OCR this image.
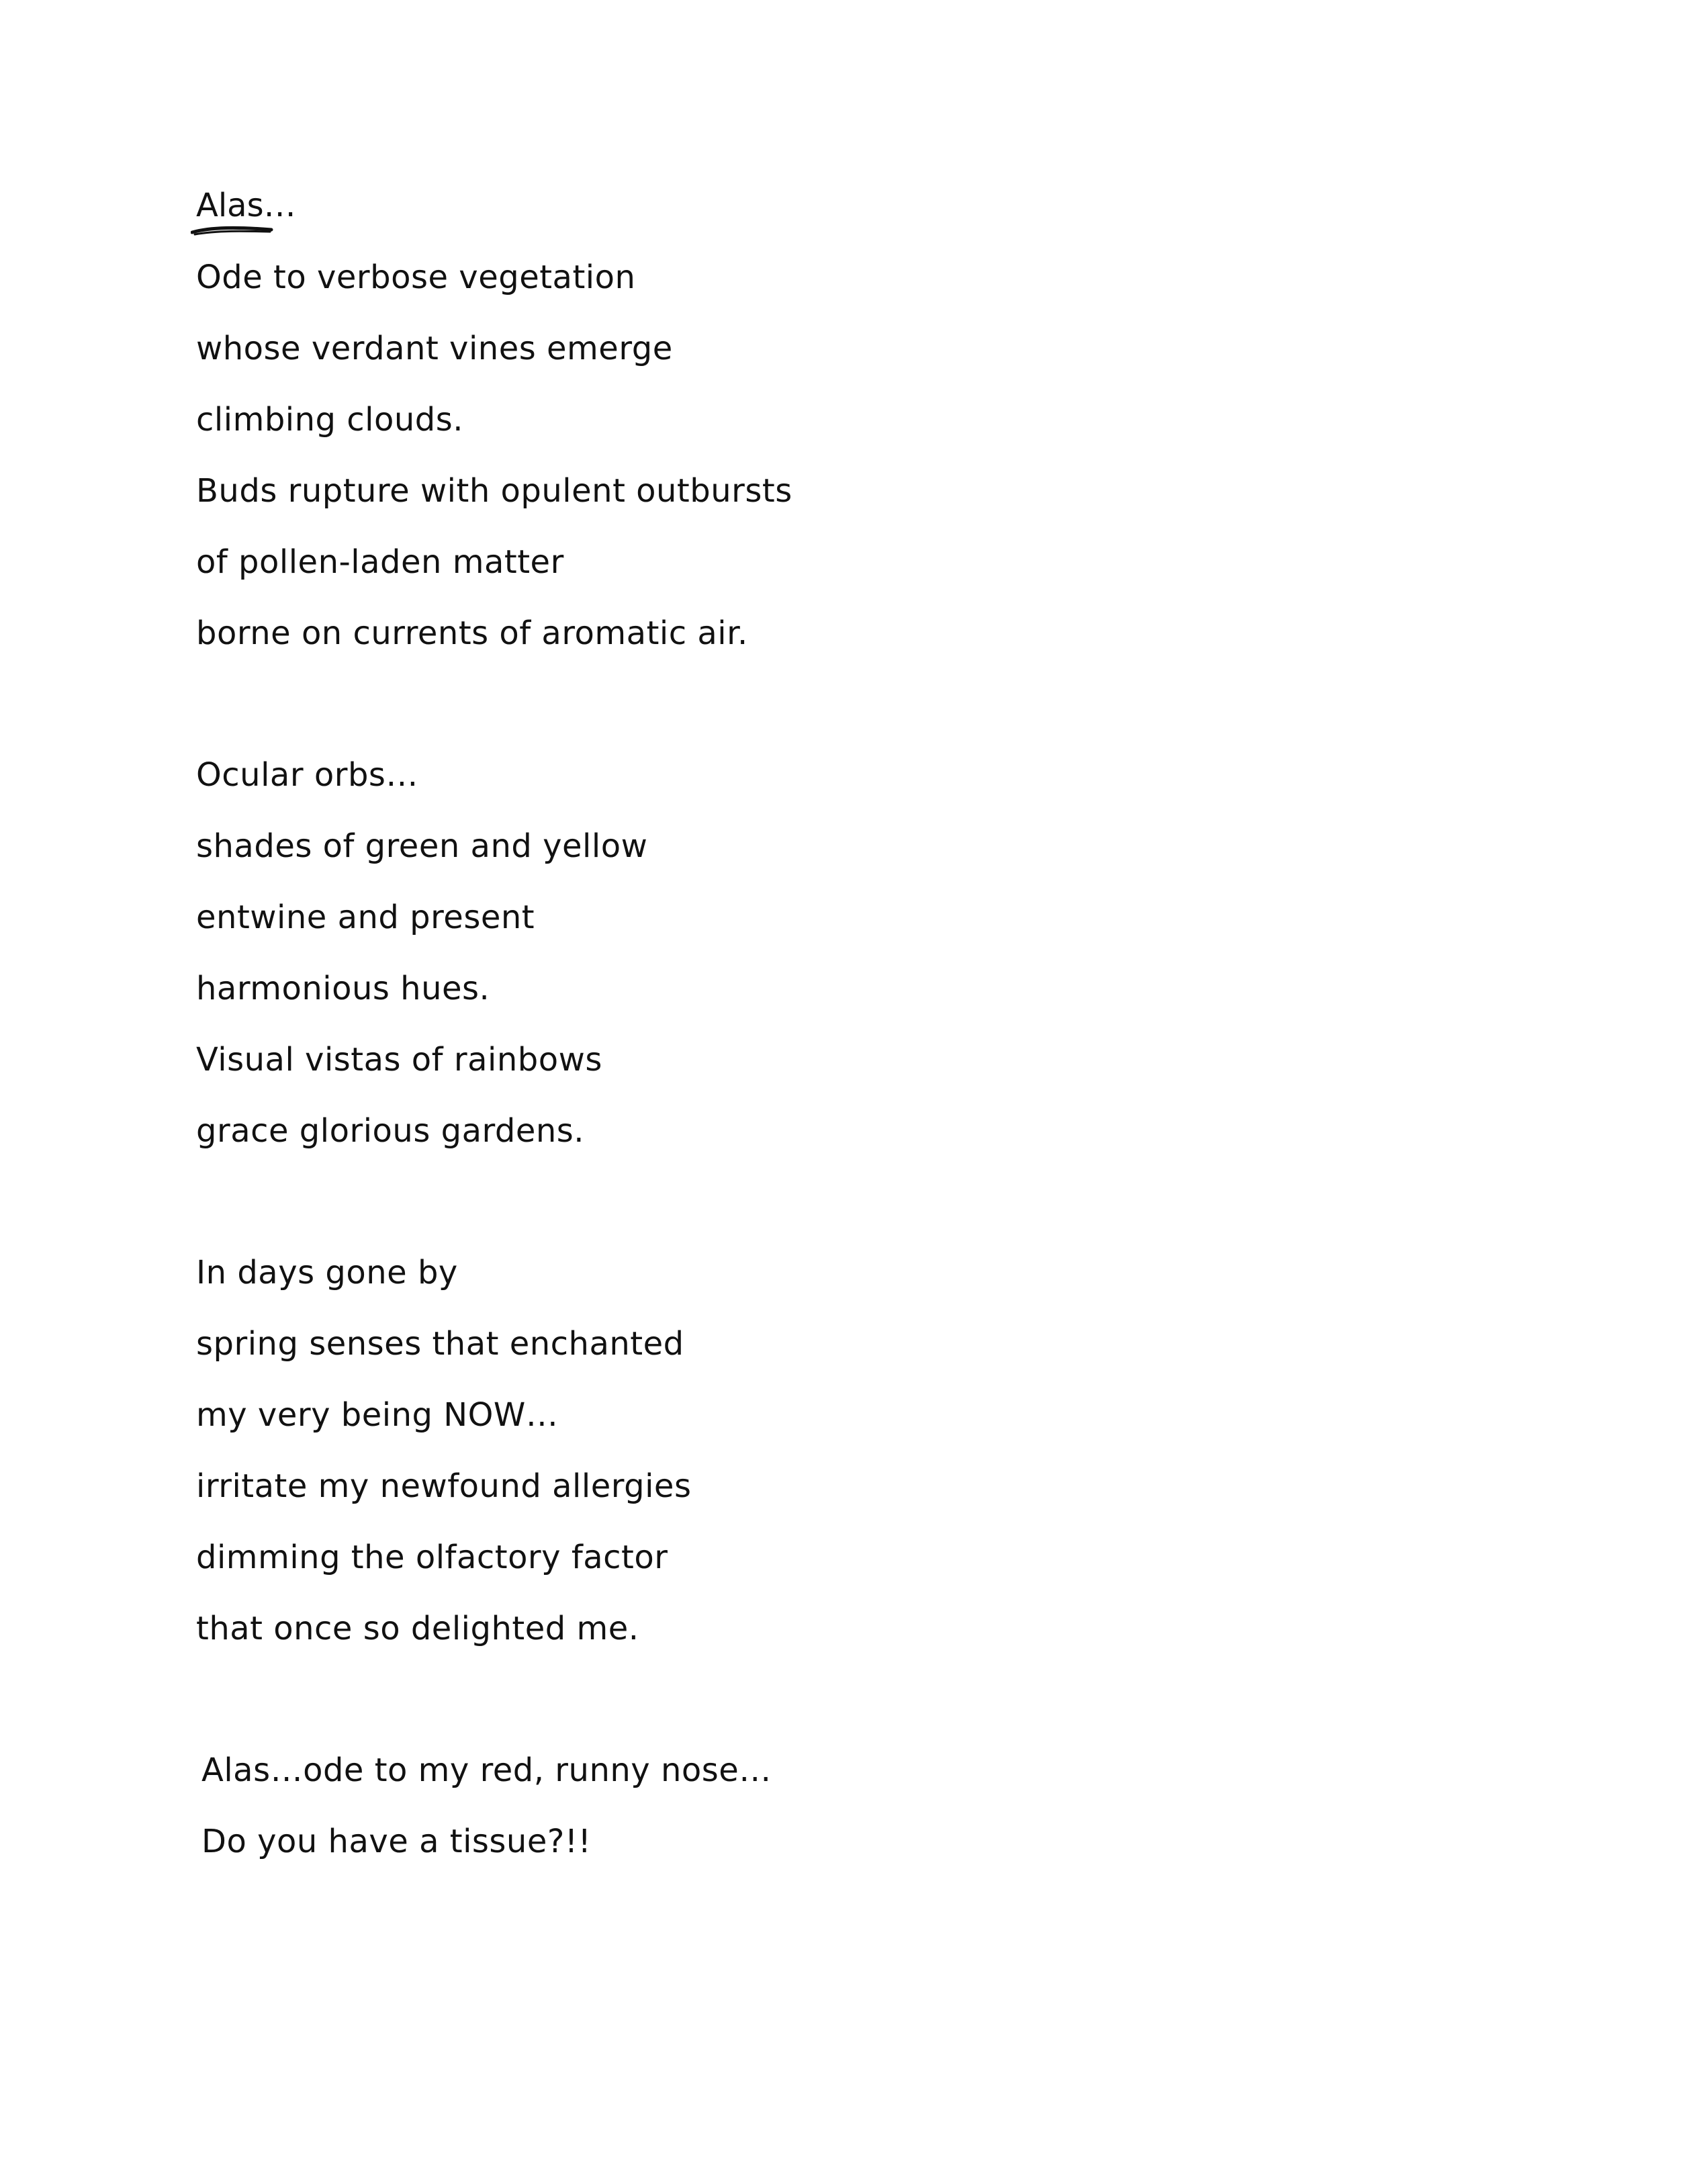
Alas…
Ode to verbose vegetation
whose verdant vines emerge
climbing clouds.
Buds rupture with opulent outbursts
of pollen-laden matter
borne on currents of aromatic air.
Ocular orbs…
shades of green and yellow
entwine and present
harmonious hues.
Visual vistas of rainbows
grace glorious gardens.
In days gone by
spring senses that enchanted
my very being NOW…
irritate my newfound allergies
dimming the olfactory factor
that once so delighted me.
Alas…ode to my red, runny nose…
Do you have a tissue?!!
